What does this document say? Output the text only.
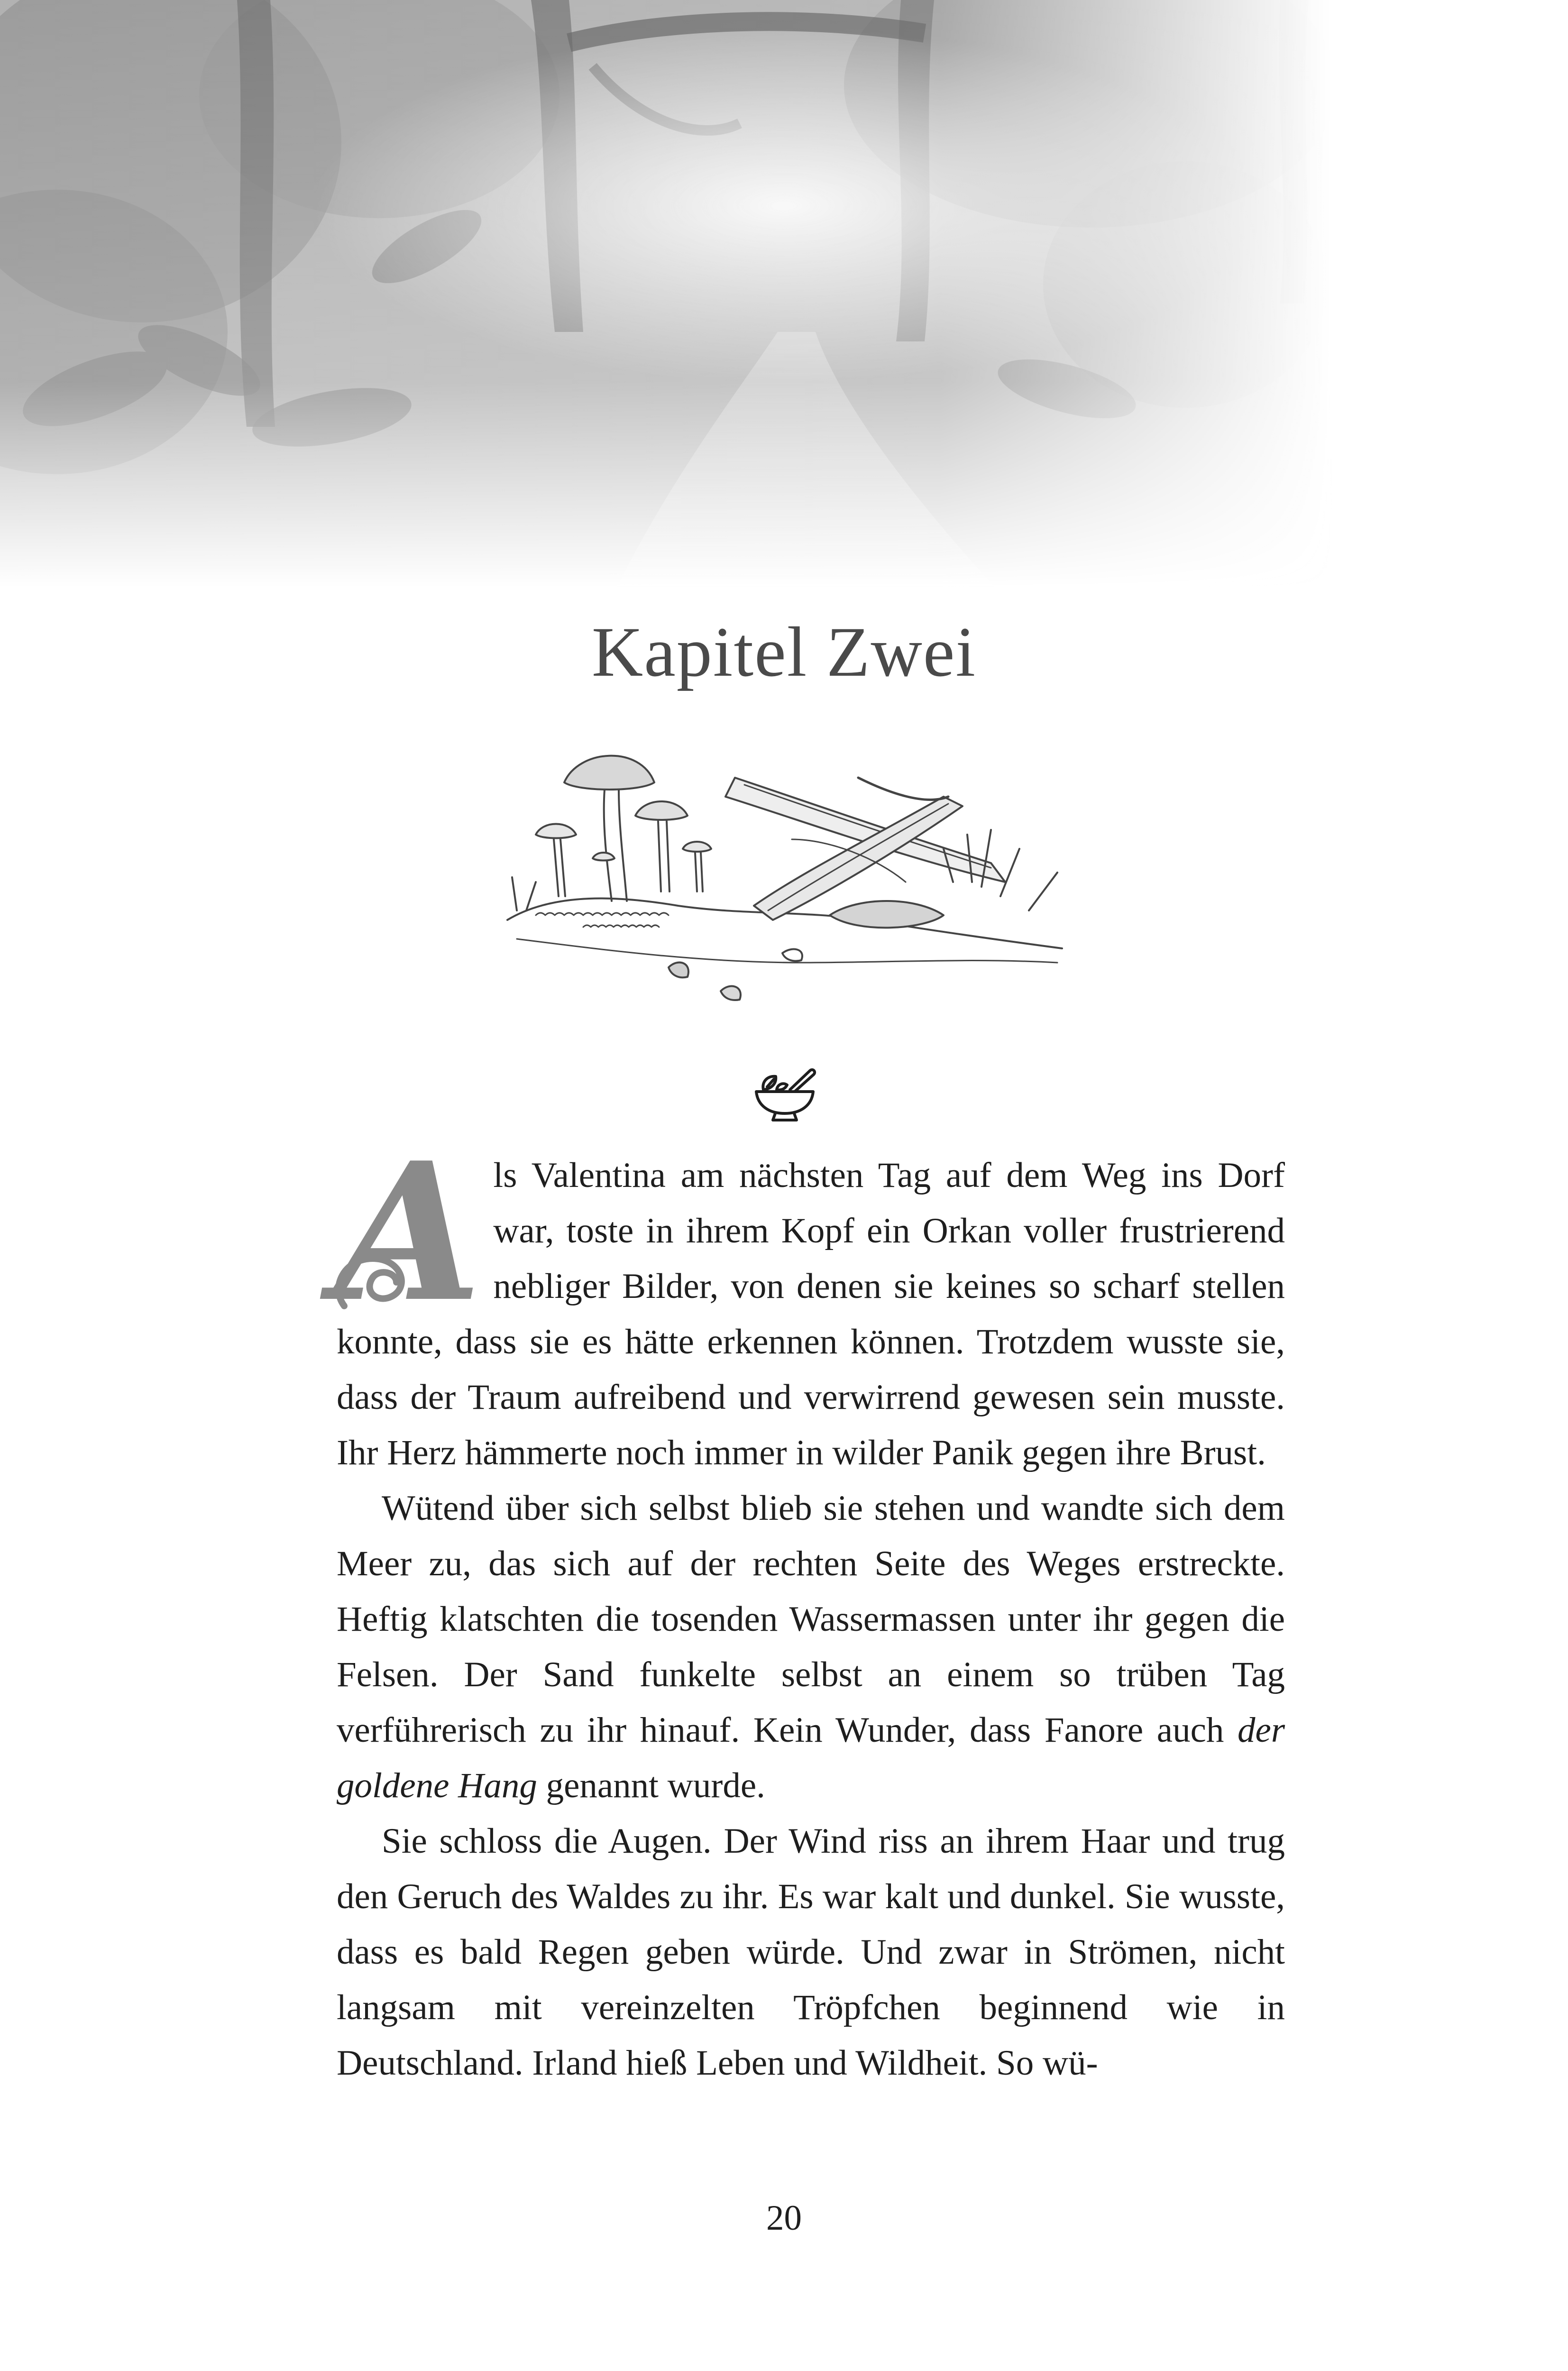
Kapitel Zwei

Als Valentina am nächsten Tag auf dem Weg ins Dorf war, toste in ihrem Kopf ein Orkan voller frustrierend nebliger Bilder, von denen sie keines so scharf stellen konnte, dass sie es hätte erkennen können. Trotzdem wusste sie, dass der Traum aufreibend und verwirrend gewesen sein musste. Ihr Herz hämmerte noch immer in wilder Panik gegen ihre Brust.

Wütend über sich selbst blieb sie stehen und wandte sich dem Meer zu, das sich auf der rechten Seite des Weges erstreckte. Heftig klatschten die tosenden Wassermassen unter ihr gegen die Felsen. Der Sand funkelte selbst an einem so trüben Tag verführerisch zu ihr hinauf. Kein Wunder, dass Fanore auch der goldene Hang genannt wurde.

Sie schloss die Augen. Der Wind riss an ihrem Haar und trug den Geruch des Waldes zu ihr. Es war kalt und dunkel. Sie wusste, dass es bald Regen geben würde. Und zwar in Strömen, nicht langsam mit vereinzelten Tröpfchen beginnend wie in Deutschland. Irland hieß Leben und Wildheit. So wü-

20
